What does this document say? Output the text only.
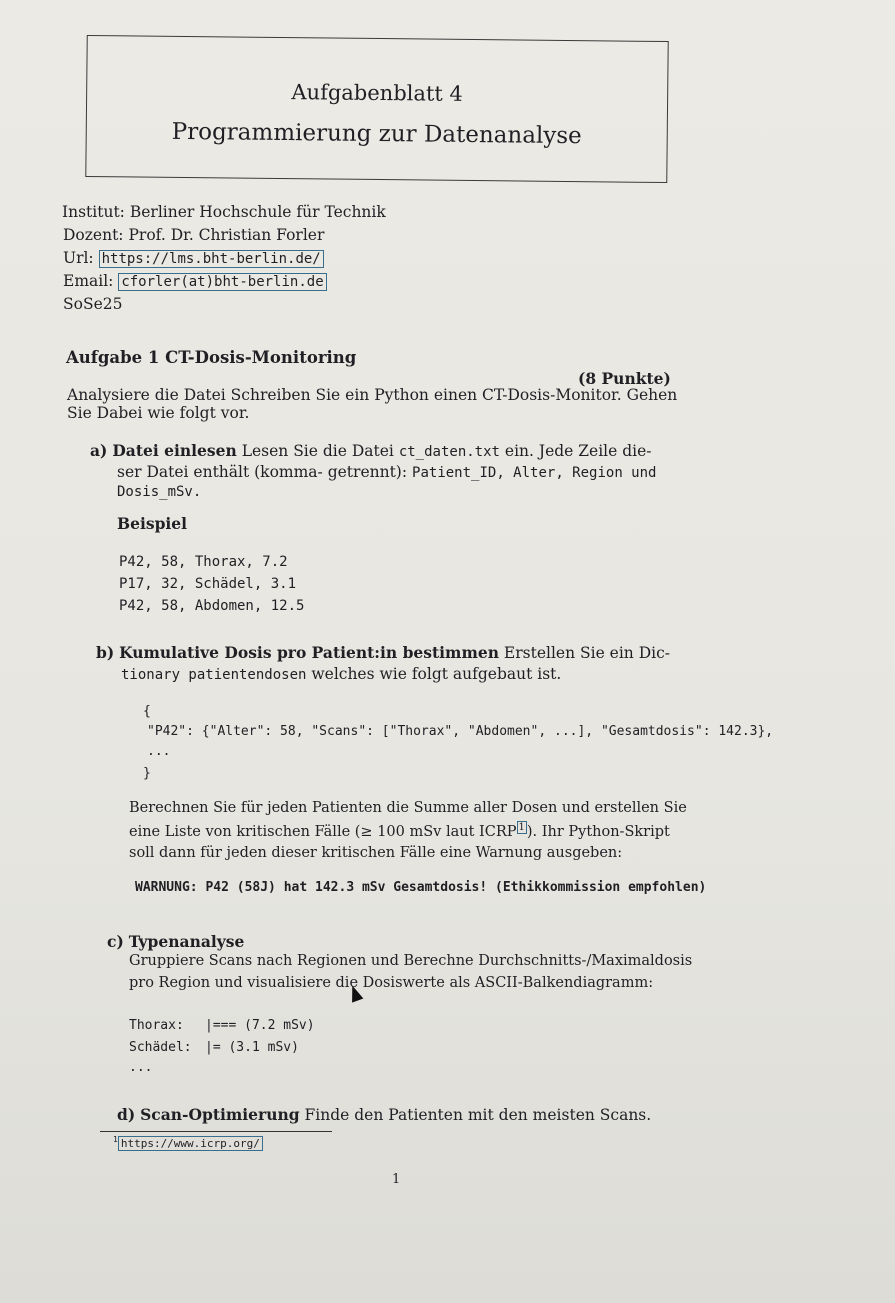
Aufgabenblatt 4
Programmierung zur Datenanalyse
Institut: Berliner Hochschule für Technik
Dozent: Prof. Dr. Christian Forler
Url: https://lms.bht-berlin.de/
Email: cforler(at)bht-berlin.de
SoSe25
Aufgabe 1 CT-Dosis-Monitoring
(8 Punkte)
Analysiere die Datei Schreiben Sie ein Python einen CT-Dosis-Monitor. Gehen
Sie Dabei wie folgt vor.
a) Datei einlesen Lesen Sie die Datei ct_daten.txt ein. Jede Zeile die-
ser Datei enthält (komma- getrennt): Patient_ID, Alter, Region und
Dosis_mSv.
Beispiel
P42, 58, Thorax, 7.2
P17, 32, Schädel, 3.1
P42, 58, Abdomen, 12.5
b) Kumulative Dosis pro Patient:in bestimmen Erstellen Sie ein Dic-
tionary patientendosen welches wie folgt aufgebaut ist.
{
"P42": {"Alter": 58, "Scans": ["Thorax", "Abdomen", ...], "Gesamtdosis": 142.3},
...
}
Berechnen Sie für jeden Patienten die Summe aller Dosen und erstellen Sie
eine Liste von kritischen Fälle (≥ 100 mSv laut ICRP $^1$ ). Ihr Python-Skript
soll dann für jeden dieser kritischen Fälle eine Warnung ausgeben:
WARNUNG: P42 (58J) hat 142.3 mSv Gesamtdosis! (Ethikkommission empfohlen)
c) Typenanalyse
Gruppiere Scans nach Regionen und Berechne Durchschnitts-/Maximaldosis
pro Region und visualisiere die Dosiswerte als ASCII-Balkendiagramm:
Thorax: |=== (7.2 mSv)
Schädel: |= (3.1 mSv)
...
d) Scan-Optimierung Finde den Patienten mit den meisten Scans.
$^1$ https://www.icrp.org/
1
